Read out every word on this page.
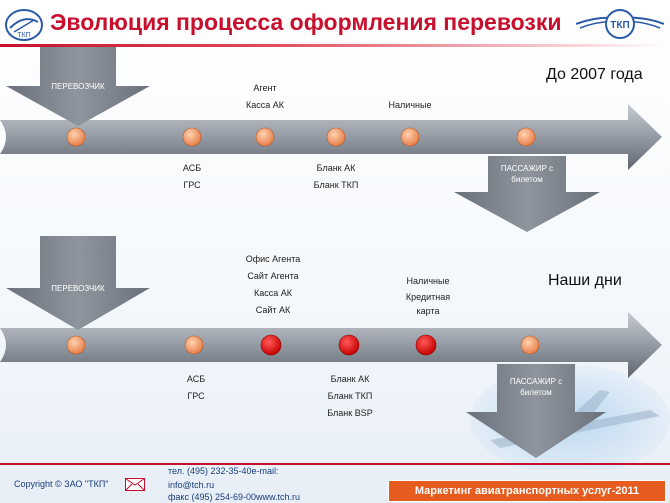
ТКП
Эволюция процесса оформления перевозки	ТКП
ПЕРЕВОЗЧИК
ПАССАЖИР с билетом
До 2007 года
Агент
Касса АК	Наличные
АСБ
ГРС
Бланк АК
Бланк ТКП
ПЕРЕВОЗЧИК
ПАССАЖИР с билетом
Наши дни
Офис Агента
Сайт Агента
Касса АК
Сайт АК
Наличные
Кредитная
карта
АСБ
ГРС
Бланк АК
Бланк ТКП
Бланк BSP
Copyright © ЗАО "ТКП"
тел. (495) 232-35-40е-mail:
info@tch.ru
факс (495) 254-69-00www.tch.ru	Маркетинг авиатранспортных услуг-2011
